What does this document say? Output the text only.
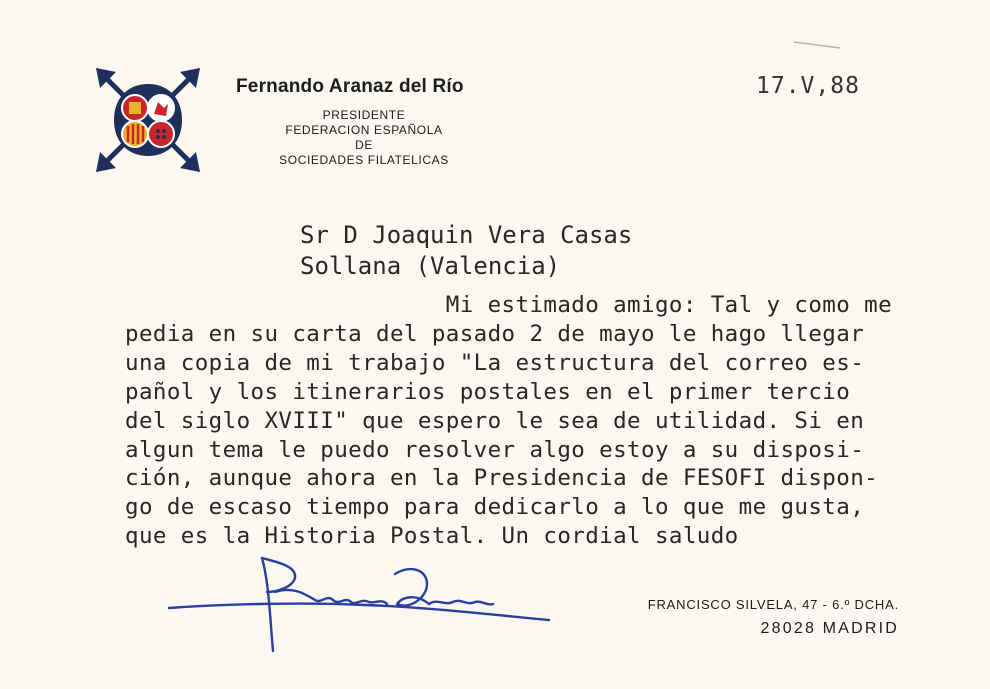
Fernando Aranaz del Río
PRESIDENTE
FEDERACION ESPAÑOLA
DE
SOCIEDADES FILATELICAS
17.V,88
Sr D Joaquin Vera Casas
Sollana (Valencia)
Mi estimado amigo: Tal y como me
pedia en su carta del pasado 2 de mayo le hago llegar
una copia de mi trabajo "La estructura del correo es-
pañol y los itinerarios postales en el primer tercio
del siglo XVIII" que espero le sea de utilidad. Si en
algun tema le puedo resolver algo estoy a su disposi-
ción, aunque ahora en la Presidencia de FESOFI dispon-
go de escaso tiempo para dedicarlo a lo que me gusta,
que es la Historia Postal. Un cordial saludo
FRANCISCO SILVELA, 47 - 6.º DCHA.
28028 MADRID
